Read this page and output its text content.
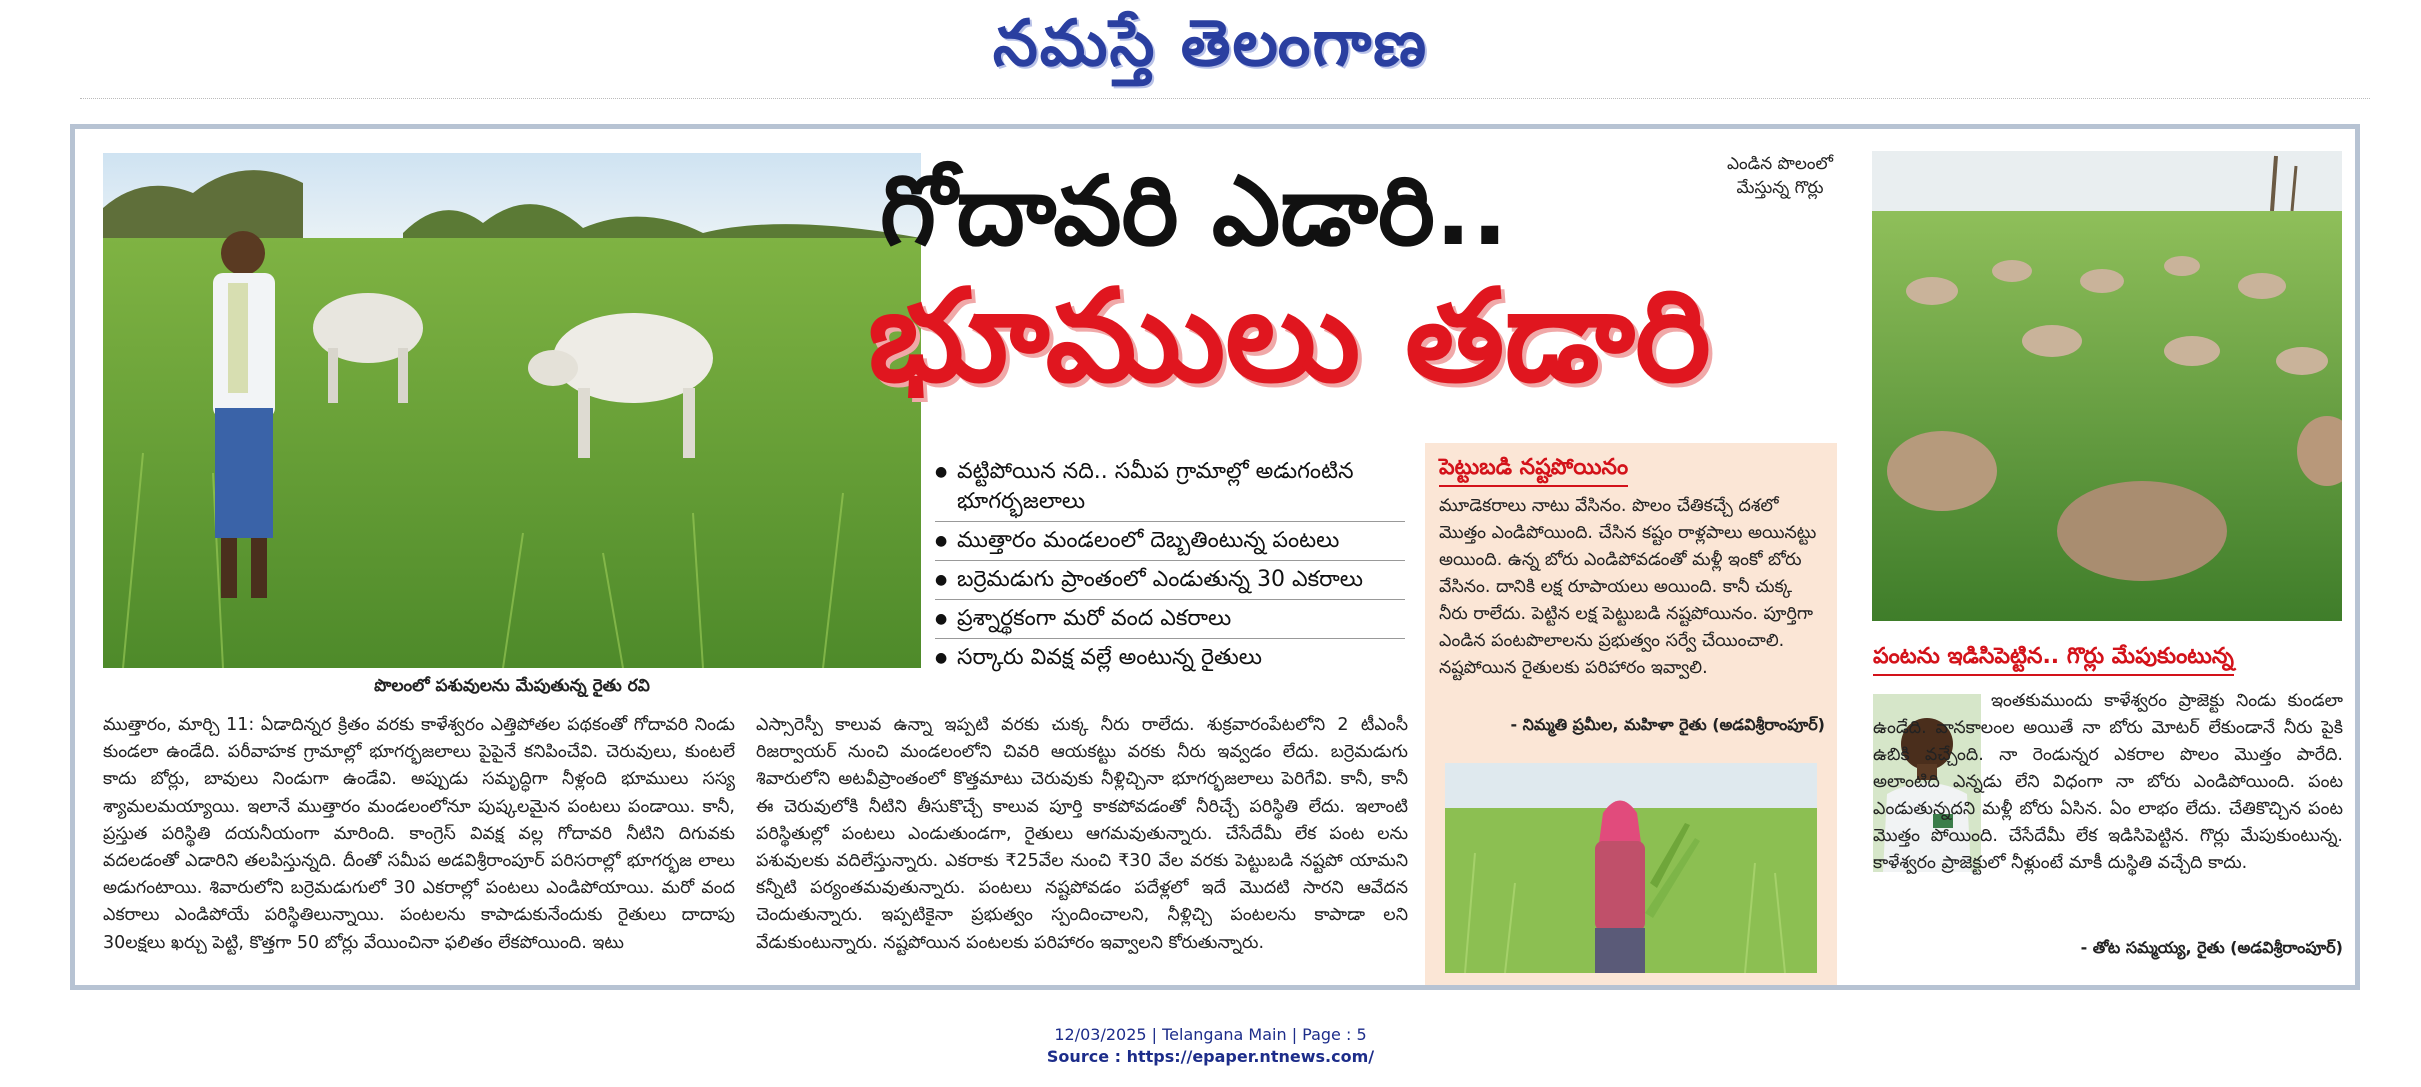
నమస్తే తెలంగాణ
పొలంలో పశువులను మేపుతున్న రైతు రవి
గోదావరి ఎడారి..
భూములు తడారి
ఎండిన పొలంలో మేస్తున్న గొర్లు
● వట్టిపోయిన నది.. సమీప గ్రామాల్లో అడుగంటిన భూగర్భజలాలు
● ముత్తారం మండలంలో దెబ్బతింటున్న పంటలు
● బర్రెమడుగు ప్రాంతంలో ఎండుతున్న 30 ఎకరాలు
● ప్రశ్నార్థకంగా మరో వంద ఎకరాలు
● సర్కారు వివక్ష వల్లే అంటున్న రైతులు
ముత్తారం, మార్చి 11: ఏడాదిన్నర క్రితం వరకు కాళేశ్వరం ఎత్తిపోతల పథకంతో గోదావరి నిండు కుండలా ఉండేది. పరీవాహక గ్రామాల్లో భూగర్భజలాలు పైపైనే కనిపించేవి. చెరువులు, కుంటలే కాదు బోర్లు, బావులు నిండుగా ఉండేవి. అప్పుడు సమృద్ధిగా నీళ్లంది భూములు సస్య శ్యామలమయ్యాయి. ఇలానే ముత్తారం మండలంలోనూ పుష్కలమైన పంటలు పండాయి. కానీ, ప్రస్తుత పరిస్థితి దయనీయంగా మారింది. కాంగ్రెస్ వివక్ష వల్ల గోదావరి నీటిని దిగువకు వదలడంతో ఎడారిని తలపిస్తున్నది. దీంతో సమీప అడవిశ్రీరాంపూర్ పరిసరాల్లో భూగర్భజ లాలు అడుగంటాయి. శివారులోని బర్రెమడుగులో 30 ఎకరాల్లో పంటలు ఎండిపోయాయి. మరో వంద ఎకరాలు ఎండిపోయే పరిస్థితిలున్నాయి. పంటలను కాపాడుకునేందుకు రైతులు దాదాపు 30లక్షలు ఖర్చు పెట్టి, కొత్తగా 50 బోర్లు వేయించినా ఫలితం లేకపోయింది. ఇటు
ఎస్సారెస్పీ కాలువ ఉన్నా ఇప్పటి వరకు చుక్క నీరు రాలేదు. శుక్రవారంపేటలోని 2 టీఎంసీ రిజర్వాయర్ నుంచి మండలంలోని చివరి ఆయకట్టు వరకు నీరు ఇవ్వడం లేదు. బర్రెమడుగు శివారులోని అటవీప్రాంతంలో కొత్తమాటు చెరువుకు నీళ్లిచ్చినా భూగర్భజలాలు పెరిగేవి. కానీ, కానీ ఈ చెరువులోకి నీటిని తీసుకొచ్చే కాలువ పూర్తి కాకపోవడంతో నీరిచ్చే పరిస్థితి లేదు. ఇలాంటి పరిస్థితుల్లో పంటలు ఎండుతుండగా, రైతులు ఆగమవుతున్నారు. చేసేదేమీ లేక పంట లను పశువులకు వదిలేస్తున్నారు. ఎకరాకు ₹25వేల నుంచి ₹30 వేల వరకు పెట్టుబడి నష్టపో యామని కన్నీటి పర్యంతమవుతున్నారు. పంటలు నష్టపోవడం పదేళ్లలో ఇదే మొదటి సారని ఆవేదన చెందుతున్నారు. ఇప్పటికైనా ప్రభుత్వం స్పందించాలని, నీళ్లిచ్చి పంటలను కాపాడా లని వేడుకుంటున్నారు. నష్టపోయిన పంటలకు పరిహారం ఇవ్వాలని కోరుతున్నారు.
పెట్టుబడి నష్టపోయినం
మూడెకరాలు నాటు వేసినం. పొలం చేతికచ్చే దశలో మొత్తం ఎండిపోయింది. చేసిన కష్టం రాళ్లపాలు అయినట్టు అయింది. ఉన్న బోరు ఎండిపోవడంతో మళ్లీ ఇంకో బోరు వేసినం. దానికి లక్ష రూపాయలు అయింది. కానీ చుక్క నీరు రాలేదు. పెట్టిన లక్ష పెట్టుబడి నష్టపోయినం. పూర్తిగా ఎండిన పంటపొలాలను ప్రభుత్వం సర్వే చేయించాలి. నష్టపోయిన రైతులకు పరిహారం ఇవ్వాలి.
- నిమ్మతి ప్రమీల, మహిళా రైతు (అడవిశ్రీరాంపూర్)
పంటను ఇడిసిపెట్టిన.. గొర్లు మేపుకుంటున్న
ఇంతకుముందు కాళేశ్వరం ప్రాజెక్టు నిండు కుండలా ఉండేది. వానకాలంల అయితే నా బోరు మోటర్ లేకుండానే నీరు పైకి ఉబికి వచ్చేంది. నా రెండున్నర ఎకరాల పొలం మొత్తం పారేది. అలాంటిది ఎన్నడు లేని విధంగా నా బోరు ఎండిపోయింది. పంట ఎండుతున్నదని మళ్లీ బోరు ఏసిన. ఏం లాభం లేదు. చేతికొచ్చిన పంట మొత్తం పోయింది. చేసేదేమీ లేక ఇడిసిపెట్టిన. గొర్లు మేపుకుంటున్న. కాళేశ్వరం ప్రాజెక్టులో నీళ్లుంటే మాకీ దుస్థితి వచ్చేది కాదు.
- తోట సమ్మయ్య, రైతు (అడవిశ్రీరాంపూర్)
12/03/2025 | Telangana Main | Page : 5
Source : https://epaper.ntnews.com/
